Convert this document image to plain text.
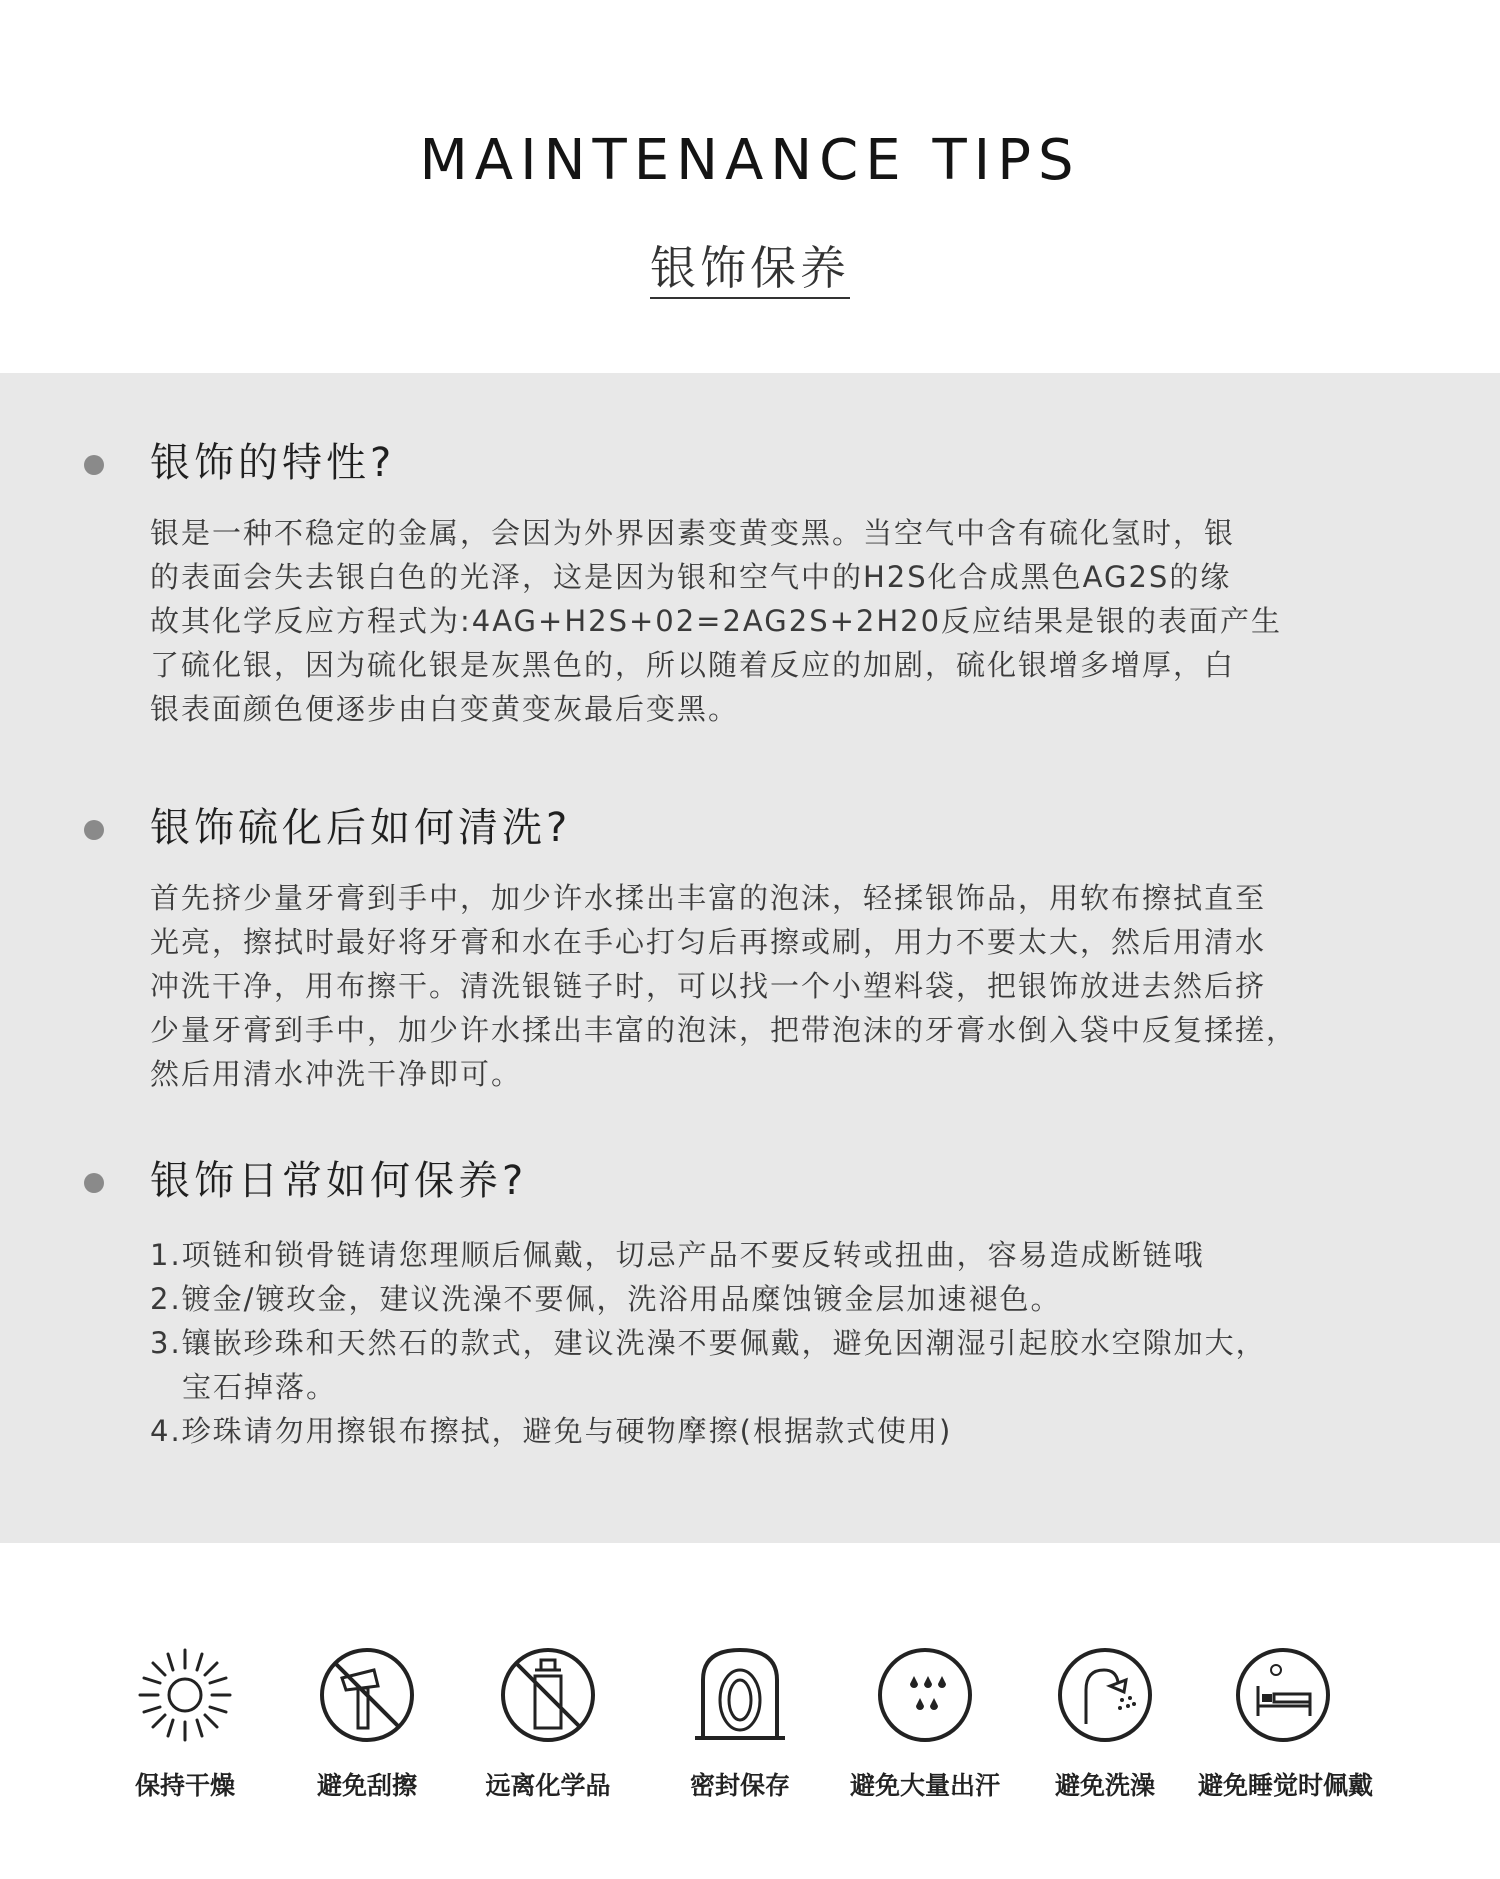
MAINTENANCE TIPS
银饰保养
银饰的特性?
银是一种不稳定的金属，会因为外界因素变黄变黑。当空气中含有硫化氢时，银
的表面会失去银白色的光泽，这是因为银和空气中的H2S化合成黑色AG2S的缘
故其化学反应方程式为:4AG+H2S+02=2AG2S+2H20反应结果是银的表面产生
了硫化银，因为硫化银是灰黑色的，所以随着反应的加剧，硫化银增多增厚，白
银表面颜色便逐步由白变黄变灰最后变黑。
银饰硫化后如何清洗?
首先挤少量牙膏到手中，加少许水揉出丰富的泡沫，轻揉银饰品，用软布擦拭直至
光亮，擦拭时最好将牙膏和水在手心打匀后再擦或刷，用力不要太大，然后用清水
冲洗干净，用布擦干。清洗银链子时，可以找一个小塑料袋，把银饰放进去然后挤
少量牙膏到手中，加少许水揉出丰富的泡沫，把带泡沫的牙膏水倒入袋中反复揉搓，
然后用清水冲洗干净即可。
银饰日常如何保养?
1.项链和锁骨链请您理顺后佩戴，切忌产品不要反转或扭曲，容易造成断链哦
2.镀金/镀玫金，建议洗澡不要佩，洗浴用品糜蚀镀金层加速褪色。
3.镶嵌珍珠和天然石的款式，建议洗澡不要佩戴，避免因潮湿引起胶水空隙加大，
宝石掉落。
4.珍珠请勿用擦银布擦拭，避免与硬物摩擦(根据款式使用)
保持干燥	避免刮擦	远离化学品	密封保存	避免大量出汗	避免洗澡	避免睡觉时佩戴
